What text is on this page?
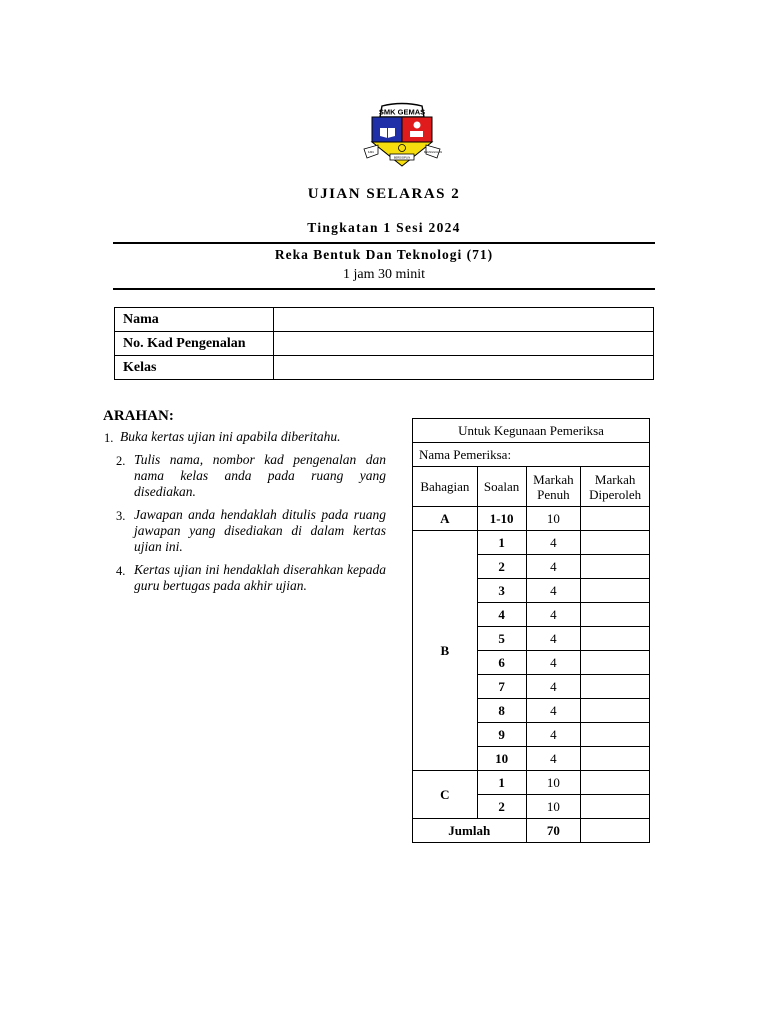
SMK GEMAS
ILMU
BERDISIPLIN
KEUNGGULAN
UJIAN SELARAS 2
Tingkatan 1 Sesi 2024
Reka Bentuk Dan Teknologi (71)
1 jam 30 minit
Nama	
No. Kad Pengenalan	
Kelas	
ARAHAN:
1. Buka kertas ujian ini apabila diberitahu.
2. Tulis nama, nombor kad pengenalan dan nama kelas anda pada ruang yang disediakan.
3. Jawapan anda hendaklah ditulis pada ruang jawapan yang disediakan di dalam kertas ujian ini.
4. Kertas ujian ini hendaklah diserahkan kepada guru bertugas pada akhir ujian.
Untuk Kegunaan Pemeriksa			
Nama Pemeriksa:			
Bahagian	Soalan	Markah Penuh	Markah Diperoleh
A	1-10	10	
B	1	4	
	2	4	
	3	4	
	4	4	
	5	4	
	6	4	
	7	4	
	8	4	
	9	4	
	10	4	
C	1	10	
	2	10	
Jumlah		70	
